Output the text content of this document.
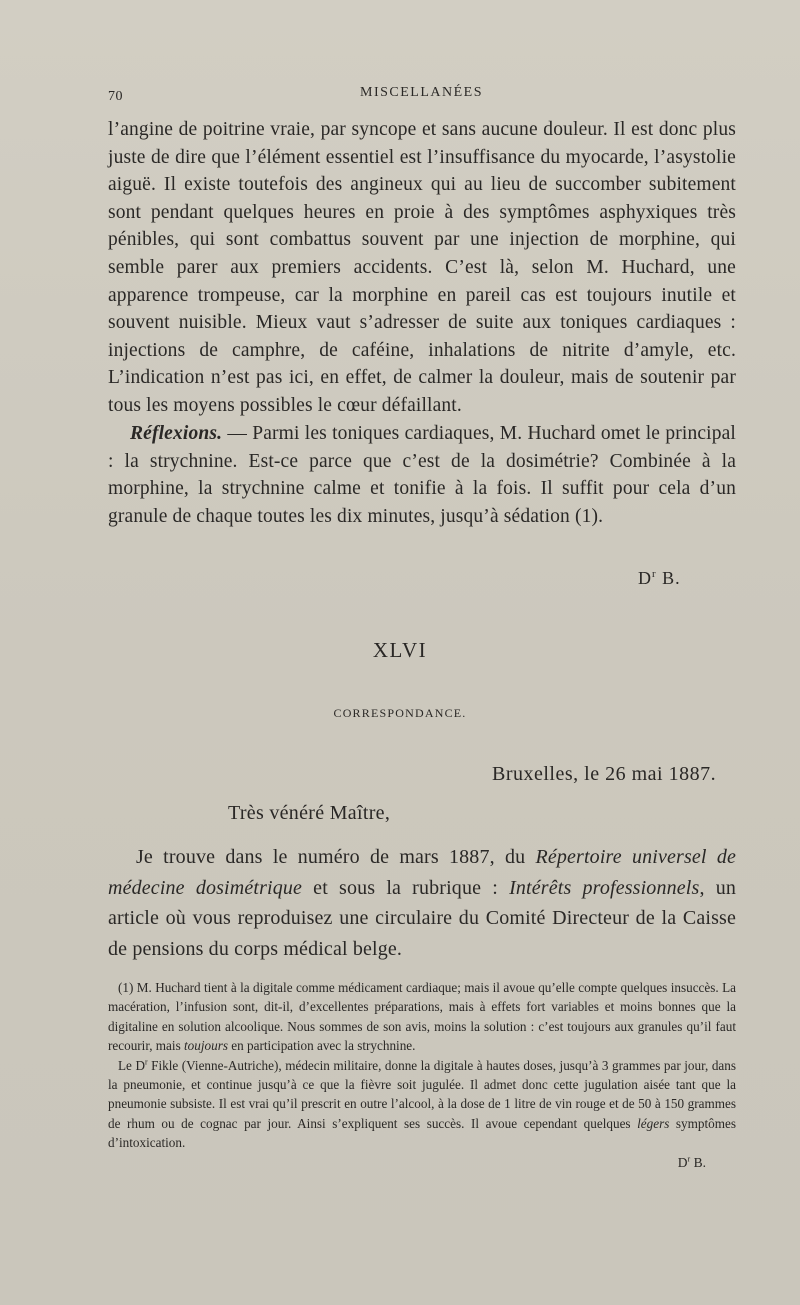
70	MISCELLANÉES
l’angine de poitrine vraie, par syncope et sans aucune douleur. Il est donc plus juste de dire que l’élément essentiel est l’insuffisance du myocarde, l’asystolie aiguë. Il existe toutefois des angineux qui au lieu de succomber subitement sont pendant quelques heures en proie à des symptômes asphyxiques très pénibles, qui sont combattus souvent par une injection de morphine, qui semble parer aux premiers accidents. C’est là, selon M. Huchard, une apparence trompeuse, car la morphine en pareil cas est toujours inutile et souvent nuisible. Mieux vaut s’adresser de suite aux toniques cardiaques : injections de camphre, de caféine, inhalations de nitrite d’amyle, etc. L’indication n’est pas ici, en effet, de calmer la douleur, mais de soutenir par tous les moyens possibles le cœur défaillant.
Réflexions. — Parmi les toniques cardiaques, M. Huchard omet le principal : la strychnine. Est-ce parce que c’est de la dosimétrie? Combinée à la morphine, la strychnine calme et tonifie à la fois. Il suffit pour cela d’un granule de chaque toutes les dix minutes, jusqu’à sédation (1).
$D^r$ B.
XLVI
CORRESPONDANCE.
Bruxelles, le 26 mai 1887.
Très vénéré Maître,
Je trouve dans le numéro de mars 1887, du Répertoire universel de médecine dosimétrique et sous la rubrique : Intérêts professionnels, un article où vous reproduisez une circulaire du Comité Directeur de la Caisse de pensions du corps médical belge.

(1) M. Huchard tient à la digitale comme médicament cardiaque; mais il avoue qu’elle compte quelques insuccès. La macération, l’infusion sont, dit-il, d’excellentes préparations, mais à effets fort variables et moins bonnes que la digitaline en solution alcoolique. Nous sommes de son avis, moins la solution : c’est toujours aux granules qu’il faut recourir, mais toujours en participation avec la strychnine.

Le $D^r$ Fikle (Vienne-Autriche), médecin militaire, donne la digitale à hautes doses, jusqu’à 3 grammes par jour, dans la pneumonie, et continue jusqu’à ce que la fièvre soit jugulée. Il admet donc cette jugulation aisée tant que la pneumonie subsiste. Il est vrai qu’il prescrit en outre l’alcool, à la dose de 1 litre de vin rouge et de 50 à 150 grammes de rhum ou de cognac par jour. Ainsi s’expliquent ses succès. Il avoue cependant quelques légers symptômes d’intoxication.

$D^r$ B.
